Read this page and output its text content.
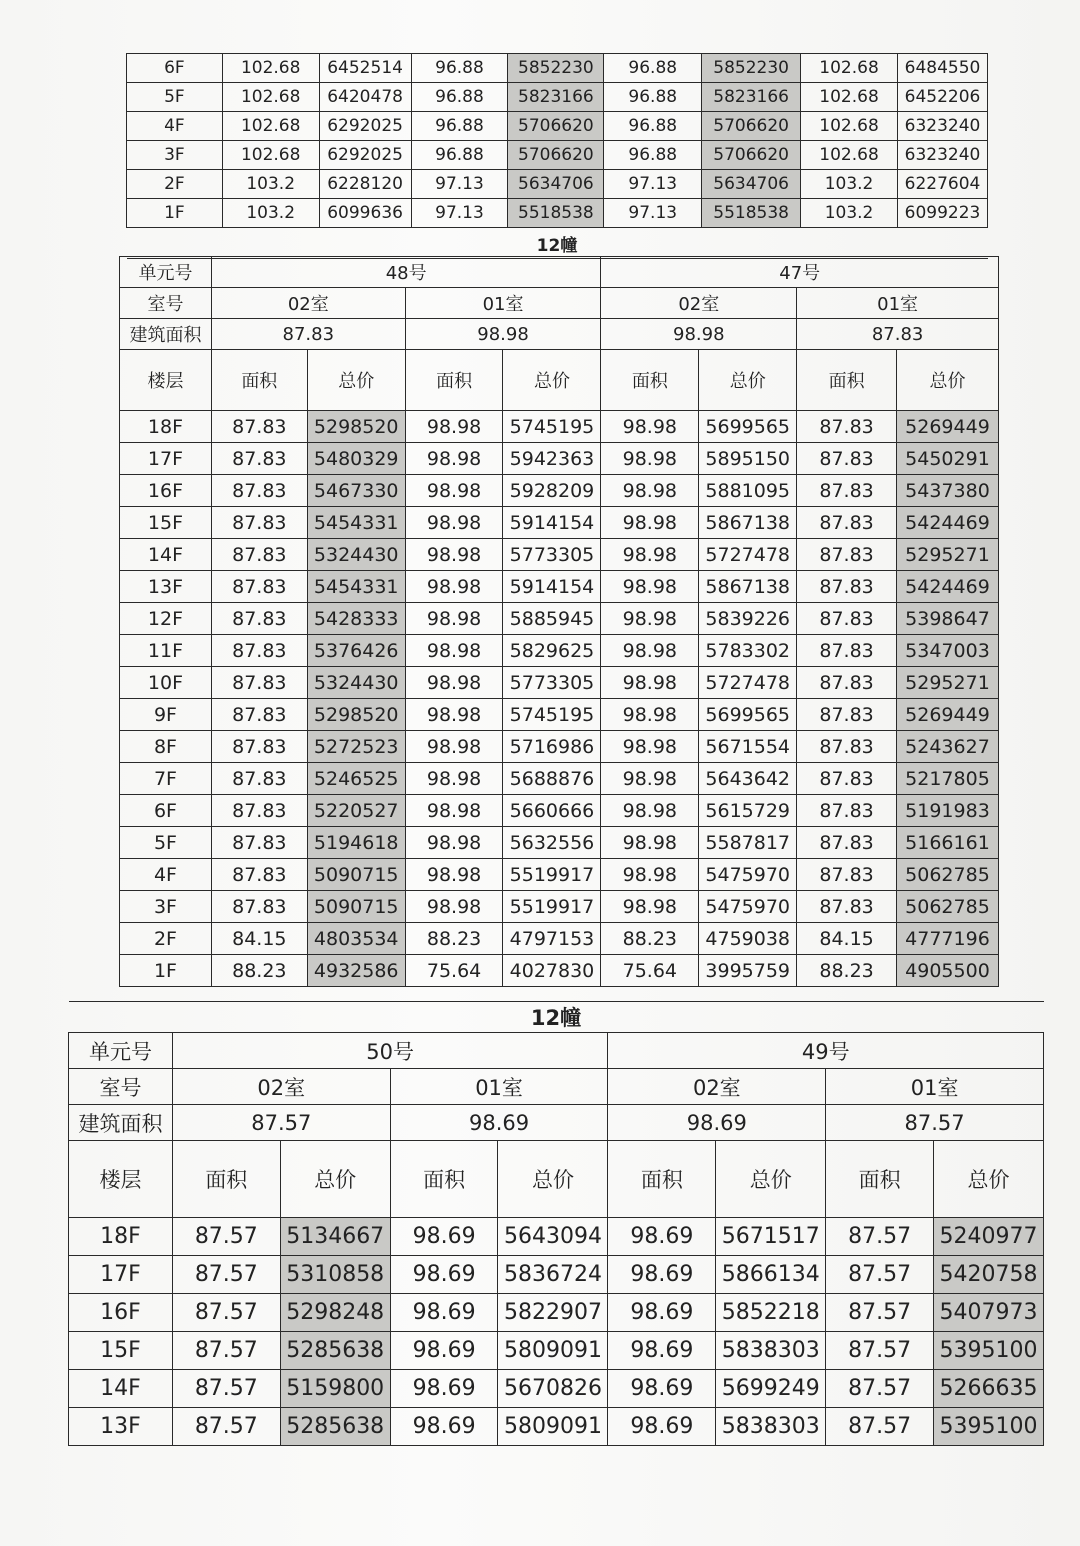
6F	102.68	6452514	96.88	5852230	96.88	5852230	102.68	6484550
5F	102.68	6420478	96.88	5823166	96.88	5823166	102.68	6452206
4F	102.68	6292025	96.88	5706620	96.88	5706620	102.68	6323240
3F	102.68	6292025	96.88	5706620	96.88	5706620	102.68	6323240
2F	103.2	6228120	97.13	5634706	97.13	5634706	103.2	6227604
1F	103.2	6099636	97.13	5518538	97.13	5518538	103.2	6099223
12幢								
单元号	48号				47号			
室号	02室		01室		02室		01室	
建筑面积	87.83		98.98		98.98		87.83	
楼层	面积	总价	面积	总价	面积	总价	面积	总价
18F	87.83	5298520	98.98	5745195	98.98	5699565	87.83	5269449
17F	87.83	5480329	98.98	5942363	98.98	5895150	87.83	5450291
16F	87.83	5467330	98.98	5928209	98.98	5881095	87.83	5437380
15F	87.83	5454331	98.98	5914154	98.98	5867138	87.83	5424469
14F	87.83	5324430	98.98	5773305	98.98	5727478	87.83	5295271
13F	87.83	5454331	98.98	5914154	98.98	5867138	87.83	5424469
12F	87.83	5428333	98.98	5885945	98.98	5839226	87.83	5398647
11F	87.83	5376426	98.98	5829625	98.98	5783302	87.83	5347003
10F	87.83	5324430	98.98	5773305	98.98	5727478	87.83	5295271
9F	87.83	5298520	98.98	5745195	98.98	5699565	87.83	5269449
8F	87.83	5272523	98.98	5716986	98.98	5671554	87.83	5243627
7F	87.83	5246525	98.98	5688876	98.98	5643642	87.83	5217805
6F	87.83	5220527	98.98	5660666	98.98	5615729	87.83	5191983
5F	87.83	5194618	98.98	5632556	98.98	5587817	87.83	5166161
4F	87.83	5090715	98.98	5519917	98.98	5475970	87.83	5062785
3F	87.83	5090715	98.98	5519917	98.98	5475970	87.83	5062785
2F	84.15	4803534	88.23	4797153	88.23	4759038	84.15	4777196
1F	88.23	4932586	75.64	4027830	75.64	3995759	88.23	4905500
12幢								
单元号	50号				49号			
室号	02室		01室		02室		01室	
建筑面积	87.57		98.69		98.69		87.57	
楼层	面积	总价	面积	总价	面积	总价	面积	总价
18F	87.57	5134667	98.69	5643094	98.69	5671517	87.57	5240977
17F	87.57	5310858	98.69	5836724	98.69	5866134	87.57	5420758
16F	87.57	5298248	98.69	5822907	98.69	5852218	87.57	5407973
15F	87.57	5285638	98.69	5809091	98.69	5838303	87.57	5395100
14F	87.57	5159800	98.69	5670826	98.69	5699249	87.57	5266635
13F	87.57	5285638	98.69	5809091	98.69	5838303	87.57	5395100
